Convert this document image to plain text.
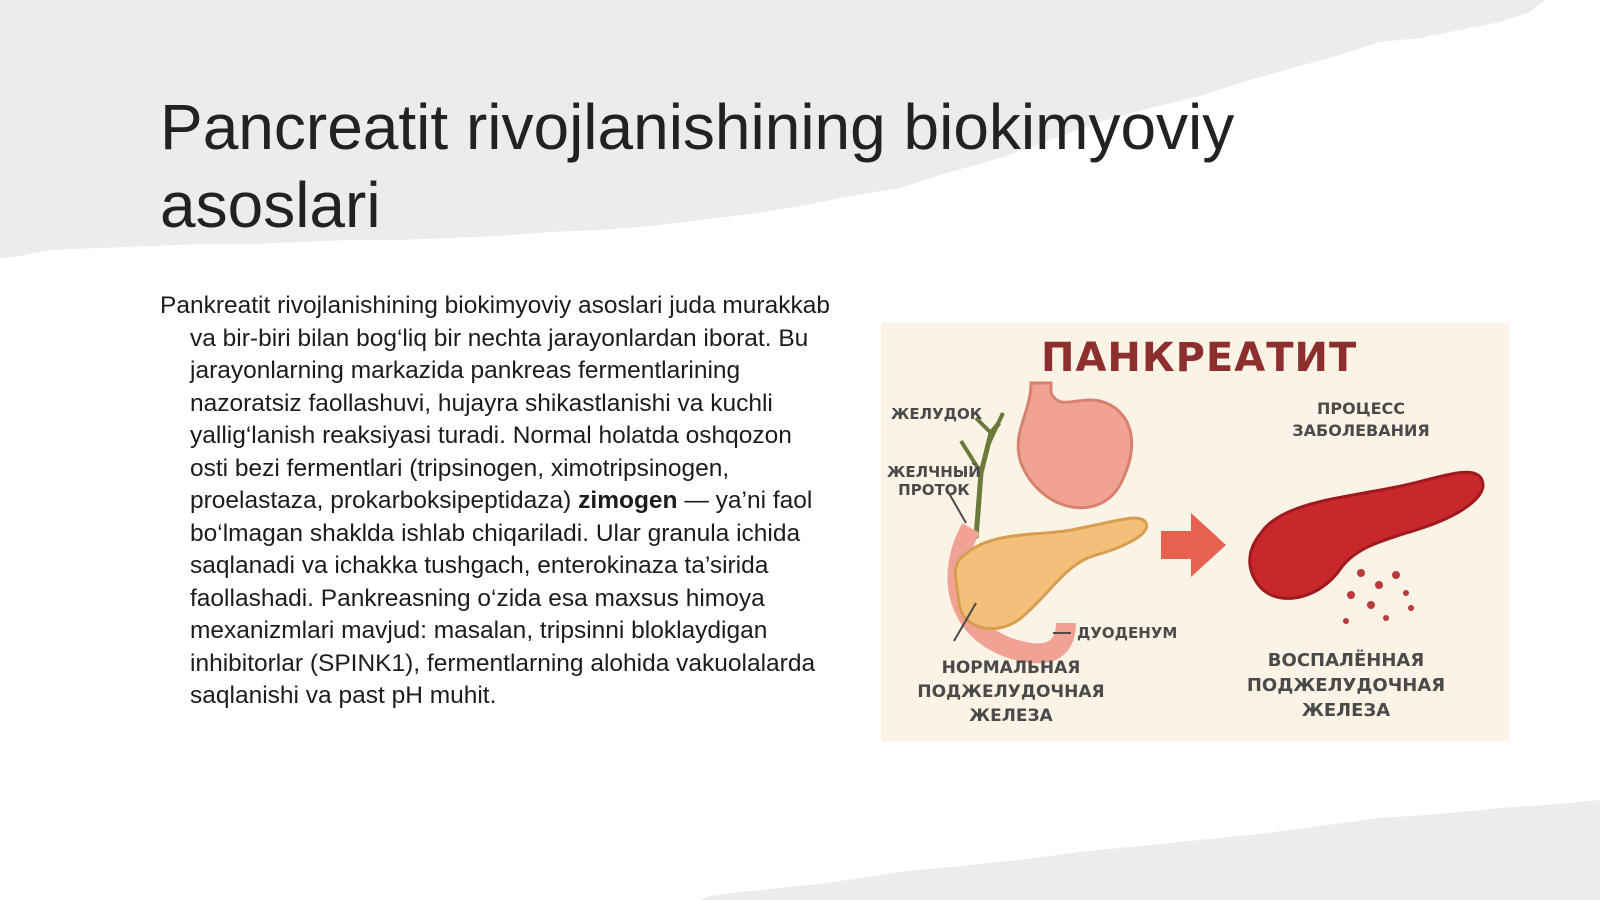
Pancreatit rivojlanishining biokimyoviy asoslari
Pankreatit rivojlanishining biokimyoviy asoslari juda murakkab va bir-biri bilan bog‘liq bir nechta jarayonlardan iborat. Bu jarayonlarning markazida pankreas fermentlarining nazoratsiz faollashuvi, hujayra shikastlanishi va kuchli yallig‘lanish reaksiyasi turadi. Normal holatda oshqozon osti bezi fermentlari (tripsinogen, ximotripsinogen, proelastaza, prokarboksipeptidaza) zimogen — ya’ni faol bo‘lmagan shaklda ishlab chiqariladi. Ular granula ichida saqlanadi va ichakka tushgach, enterokinaza ta’sirida faollashadi. Pankreasning o‘zida esa maxsus himoya mexanizmlari mavjud: masalan, tripsinni bloklaydigan inhibitorlar (SPINK1), fermentlarning alohida vakuolalarda saqlanishi va past pH muhit.
ПАНКРЕАТИТ
ЖЕЛУДОК
ЖЕЛЧНЫЙ
ПРОТОК
ПРОЦЕСС
ЗАБОЛЕВАНИЯ
ДУОДЕНУМ
НОРМАЛЬНАЯ
ПОДЖЕЛУДОЧНАЯ
ЖЕЛЕЗА
ВОСПАЛЁННАЯ
ПОДЖЕЛУДОЧНАЯ
ЖЕЛЕЗА
